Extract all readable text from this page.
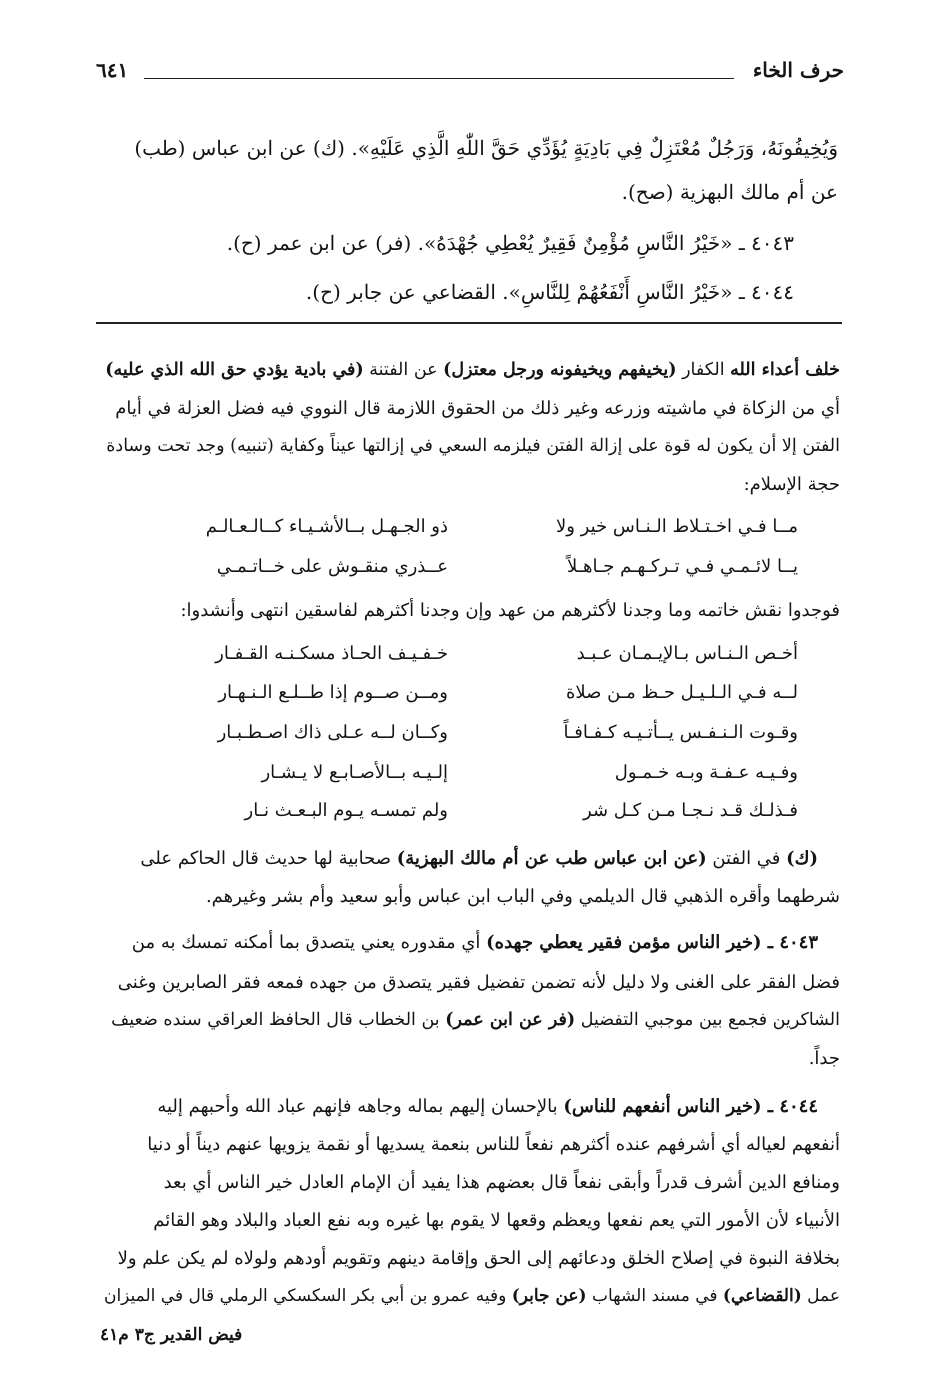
حرف الخاء
٦٤١
وَيُخِيفُونَهُ، وَرَجُلٌ مُعْتَزِلٌ فِي بَادِيَةٍ يُؤَدِّي حَقَّ اللّٰهِ الَّذِي عَلَيْهِ». (ك) عن ابن عباس (طب)
عن أم مالك البهزية (صح).
٤٠٤٣ ـ «خَيْرُ النَّاسِ مُؤْمِنٌ فَقِيرٌ يُعْطِي جُهْدَهُ». (فر) عن ابن عمر (ح).
٤٠٤٤ ـ «خَيْرُ النَّاسِ أَنْفَعُهُمْ لِلنَّاسِ». القضاعي عن جابر (ح).
خلف أعداء الله الكفار (يخيفهم ويخيفونه ورجل معتزل) عن الفتنة (في بادية يؤدي حق الله الذي عليه)
أي من الزكاة في ماشيته وزرعه وغير ذلك من الحقوق اللازمة قال النووي فيه فضل العزلة في أيام
الفتن إلا أن يكون له قوة على إزالة الفتن فيلزمه السعي في إزالتها عيناً وكفاية (تنبيه) وجد تحت وسادة
حجة الإسلام:
مــا فـي اخـتـلاط الـنـاس خير ولا
ذو الجـهـل بــالأشـيـاء كــالـعـالـم
يــا لائـمـي فـي تـركـهـم جـاهـلاً
عــذري منقـوش على خــاتـمـي
فوجدوا نقش خاتمه وما وجدنا لأكثرهم من عهد وإن وجدنا أكثرهم لفاسقين انتهى وأنشدوا:
أخـص الـنـاس بـالإيـمـان عـبـد
خـفـيـف الحـاذ مسكـنـه القـفـار
لــه فـي الـلـيـل حـظ مـن صلاة
ومــن صــوم إذا طــلـع الـنـهـار
وقـوت الـنـفـس يــأتـيـه كـفـافـاً
وكــان لــه عـلى ذاك اصـطـبـار
وفـيـه عـفـة وبـه خـمـول
إلـيـه بــالأصـابـع لا يـشـار
فـذلـك قـد نـجـا مـن كـل شر
ولم تمسـه يـوم البـعـث نـار
(ك) في الفتن (عن ابن عباس طب عن أم مالك البهزية) صحابية لها حديث قال الحاكم على
شرطهما وأقره الذهبي قال الديلمي وفي الباب ابن عباس وأبو سعيد وأم بشر وغيرهم.
٤٠٤٣ ـ (خير الناس مؤمن فقير يعطي جهده) أي مقدوره يعني يتصدق بما أمكنه تمسك به من
فضل الفقر على الغنى ولا دليل لأنه تضمن تفضيل فقير يتصدق من جهده فمعه فقر الصابرين وغنى
الشاكرين فجمع بين موجبي التفضيل (فر عن ابن عمر) بن الخطاب قال الحافظ العراقي سنده ضعيف
جداً.
٤٠٤٤ ـ (خير الناس أنفعهم للناس) بالإحسان إليهم بماله وجاهه فإنهم عباد الله وأحبهم إليه
أنفعهم لعياله أي أشرفهم عنده أكثرهم نفعاً للناس بنعمة يسديها أو نقمة يزويها عنهم ديناً أو دنيا
ومنافع الدين أشرف قدراً وأبقى نفعاً قال بعضهم هذا يفيد أن الإمام العادل خير الناس أي بعد
الأنبياء لأن الأمور التي يعم نفعها ويعظم وقعها لا يقوم بها غيره وبه نفع العباد والبلاد وهو القائم
بخلافة النبوة في إصلاح الخلق ودعائهم إلى الحق وإقامة دينهم وتقويم أودهم ولولاه لم يكن علم ولا
عمل (القضاعي) في مسند الشهاب (عن جابر) وفيه عمرو بن أبي بكر السكسكي الرملي قال في الميزان
فيض القدير ج٣ م٤١
